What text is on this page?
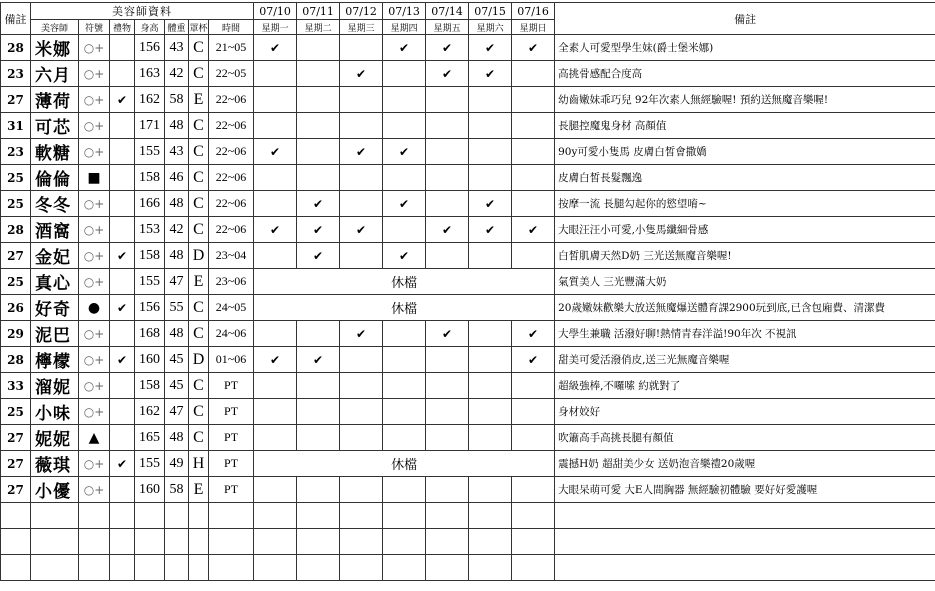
備註	美容師資料							07/10	07/11	07/12	07/13	07/14	07/15	07/16	備註
	美容師	符號	禮物	身高	體重	罩杯	時間	星期一	星期二	星期三	星期四	星期五	星期六	星期日	
28	米娜	○+		156	43	C	21~05	✔			✔	✔	✔	✔	全素人可愛型學生妹(爵士堡米娜)
23	六月	○+		163	42	C	22~05			✔		✔	✔		高挑骨感配合度高
27	薄荷	○+	✔	162	58	E	22~06								幼齒嫩妹乖巧兒 92年次素人無經驗喔! 預約送無魔音樂喔!
31	可芯	○+		171	48	C	22~06								長腿控魔鬼身材 高顏值
23	軟糖	○+		155	43	C	22~06	✔		✔	✔				90y可愛小隻馬 皮膚白皙會撒嬌
25	倫倫	■		158	46	C	22~06								皮膚白皙長髮飄逸
25	冬冬	○+		166	48	C	22~06		✔		✔		✔		按摩一流 長腿勾起你的慾望唷~
28	酒窩	○+		153	42	C	22~06	✔	✔	✔		✔	✔	✔	大眼汪汪小可愛,小隻馬纖細骨感
27	金妃	○+	✔	158	48	D	23~04		✔		✔				白皙肌膚天然D奶 三光送無魔音樂喔!
25	真心	○+		155	47	E	23~06	休檔							氣質美人 三光豐滿大奶
26	好奇	●	✔	156	55	C	24~05	休檔							20歲嫩妹歡樂大放送無魔爆送體育課2900玩到底,已含包廂費、清潔費
29	泥巴	○+		168	48	C	24~06			✔		✔		✔	大學生兼職 活潑好聊!熱情青春洋溢!90年次 不視訊
28	檸檬	○+	✔	160	45	D	01~06	✔	✔					✔	甜美可愛活潑俏皮,送三光無魔音樂喔
33	溜妮	○+		158	45	C	PT								超級強棒,不囉嗦 約就對了
25	小味	○+		162	47	C	PT								身材姣好
27	妮妮	▲		165	48	C	PT								吹簫高手高挑長腿有顏值
27	薇琪	○+	✔	155	49	H	PT	休檔							震撼H奶 超甜美少女 送奶泡音樂禮20歲喔
27	小優	○+		160	58	E	PT								大眼呆萌可愛 大E人間胸器 無經驗初體驗 要好好愛護喔
